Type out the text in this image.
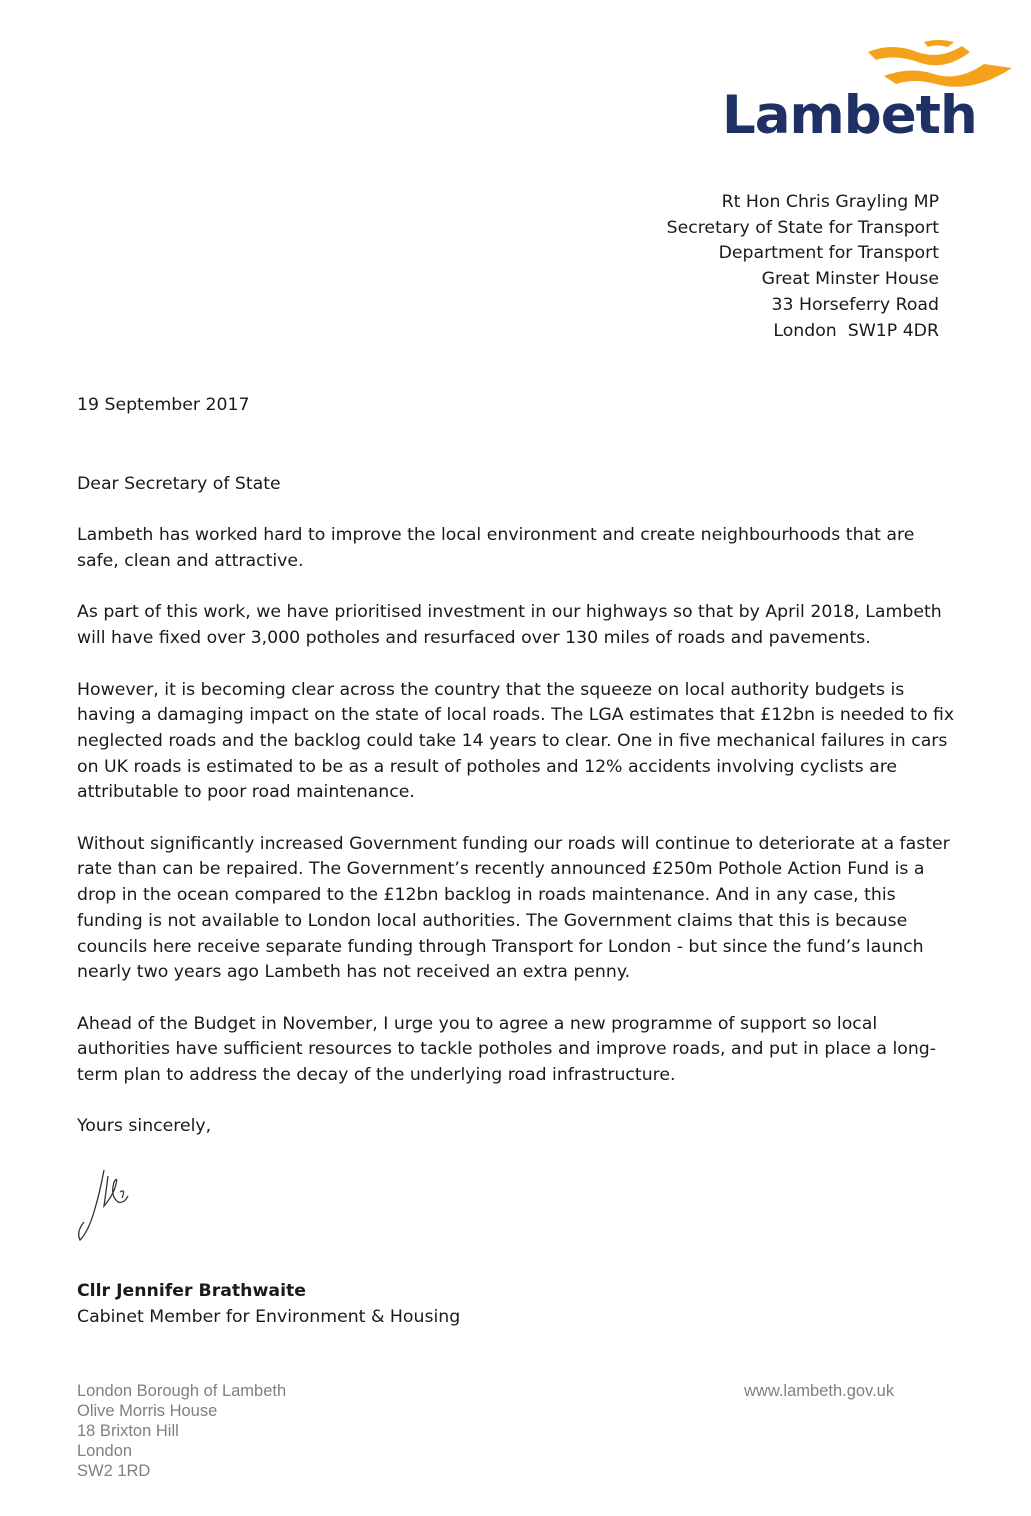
Lambeth
Rt Hon Chris Grayling MP
Secretary of State for Transport
Department for Transport
Great Minster House
33 Horseferry Road
London  SW1P 4DR
19 September 2017

Dear Secretary of State

Lambeth has worked hard to improve the local environment and create neighbourhoods that are safe, clean and attractive.

As part of this work, we have prioritised investment in our highways so that by April 2018, Lambeth will have fixed over 3,000 potholes and resurfaced over 130 miles of roads and pavements.

However, it is becoming clear across the country that the squeeze on local authority budgets is having a damaging impact on the state of local roads. The LGA estimates that £12bn is needed to fix neglected roads and the backlog could take 14 years to clear. One in five mechanical failures in cars on UK roads is estimated to be as a result of potholes and 12% accidents involving cyclists are attributable to poor road maintenance.

Without significantly increased Government funding our roads will continue to deteriorate at a faster rate than can be repaired. The Government’s recently announced £250m Pothole Action Fund is a drop in the ocean compared to the £12bn backlog in roads maintenance. And in any case, this funding is not available to London local authorities. The Government claims that this is because councils here receive separate funding through Transport for London - but since the fund’s launch nearly two years ago Lambeth has not received an extra penny.

Ahead of the Budget in November, I urge you to agree a new programme of support so local authorities have sufficient resources to tackle potholes and improve roads, and put in place a long-term plan to address the decay of the underlying road infrastructure.

Yours sincerely,

Cllr Jennifer Brathwaite
Cabinet Member for Environment & Housing
London Borough of Lambeth
Olive Morris House
18 Brixton Hill
London
SW2 1RD
www.lambeth.gov.uk
